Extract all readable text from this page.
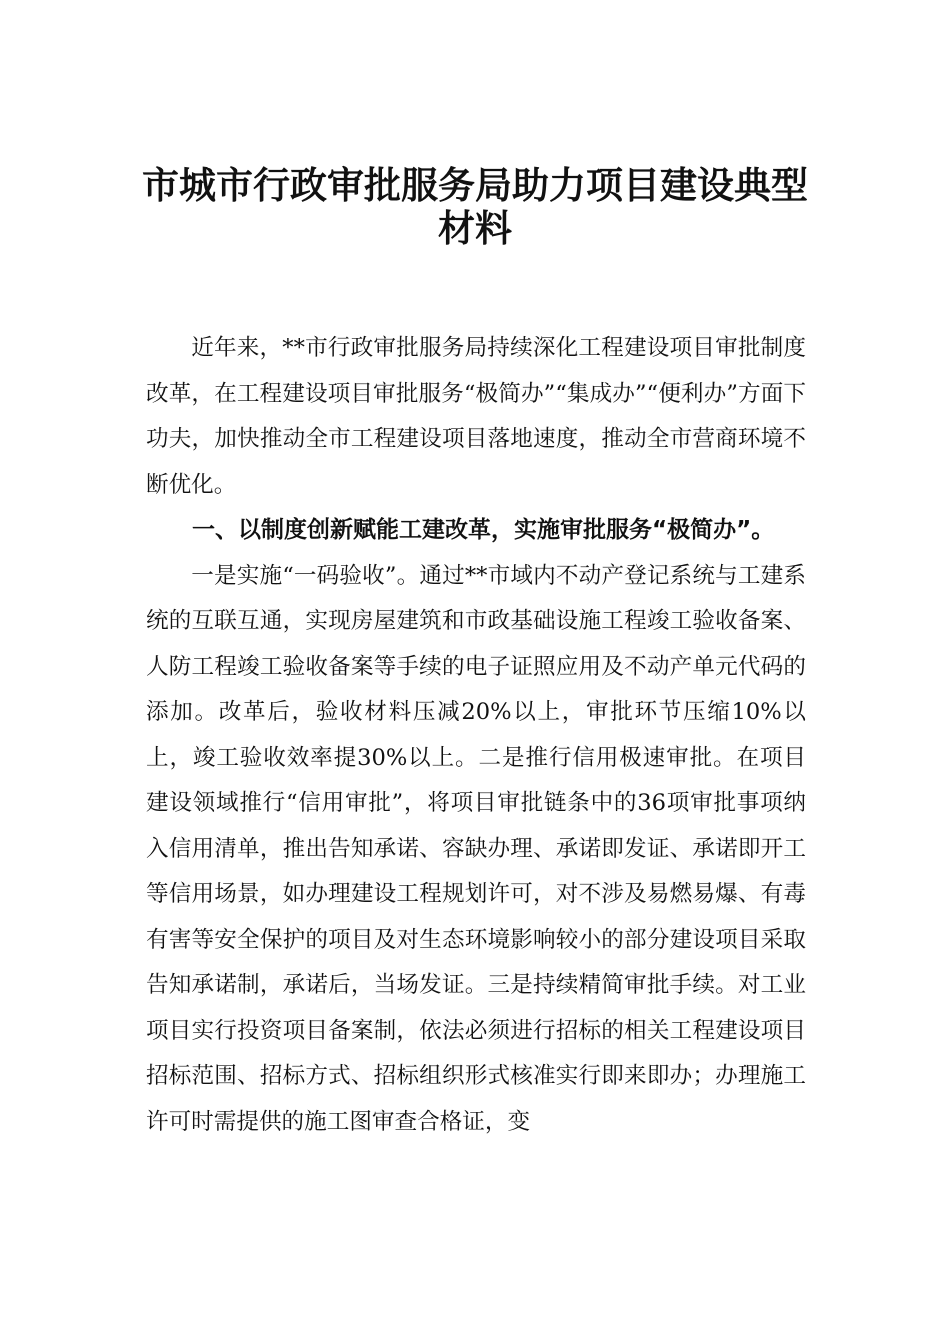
市城市行政审批服务局助力项目建设典型
材料

近年来，**市行政审批服务局持续深化工程建设项目审批制度改革，在工程建设项目审批服务“极简办”“集成办”“便利办”方面下功夫，加快推动全市工程建设项目落地速度，推动全市营商环境不断优化。

一、以制度创新赋能工建改革，实施审批服务“极简办”。

一是实施“一码验收”。通过**市域内不动产登记系统与工建系统的互联互通，实现房屋建筑和市政基础设施工程竣工验收备案、人防工程竣工验收备案等手续的电子证照应用及不动产单元代码的添加。改革后，验收材料压减20%以上，审批环节压缩10%以上，竣工验收效率提30%以上。二是推行信用极速审批。在项目建设领域推行“信用审批”，将项目审批链条中的36项审批事项纳入信用清单，推出告知承诺、容缺办理、承诺即发证、承诺即开工等信用场景，如办理建设工程规划许可，对不涉及易燃易爆、有毒有害等安全保护的项目及对生态环境影响较小的部分建设项目采取告知承诺制，承诺后，当场发证。三是持续精简审批手续。对工业项目实行投资项目备案制，依法必须进行招标的相关工程建设项目招标范围、招标方式、招标组织形式核准实行即来即办；办理施工许可时需提供的施工图审查合格证，变
